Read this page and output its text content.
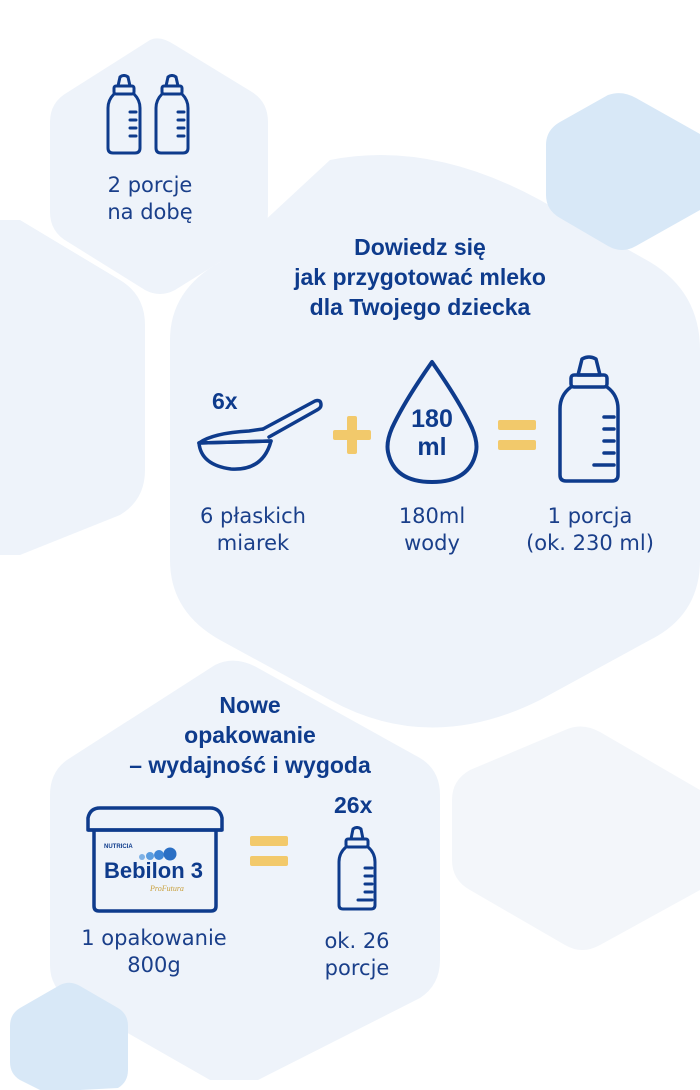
2 porcje
na dobę
Dowiedz się
jak przygotować mleko
dla Twojego dziecka
6x
6 płaskich
miarek
180
ml
180ml
wody
1 porcja
(ok. 230 ml)
Nowe
opakowanie
– wydajność i wygoda
NUTRICIA
Bebilon 3
ProFutura
1 opakowanie
800g
26x
ok. 26
porcje
